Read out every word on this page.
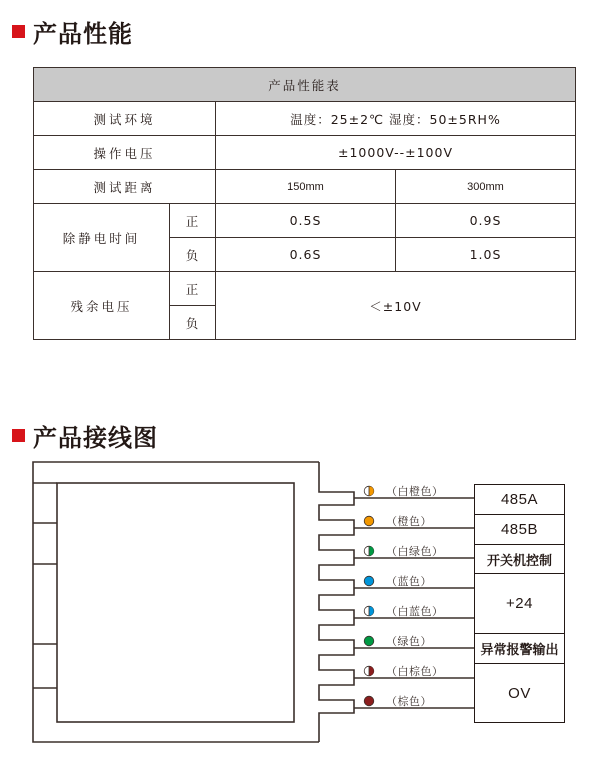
产品性能
产品性能表			
测试环境		温度：25±2℃ 湿度：50±5RH%	
操作电压		±1000V--±100V	
测试距离		150mm	300mm
除静电时间	正	0.5S	0.9S
	负	0.6S	1.0S
残余电压	正	＜±10V	
	负		
产品接线图
（白橙色）
（橙色）
（白绿色）
（蓝色）
（白蓝色）
（绿色）
（白棕色）
（棕色）
485A
485B
开关机控制
+24
异常报警输出
OV
